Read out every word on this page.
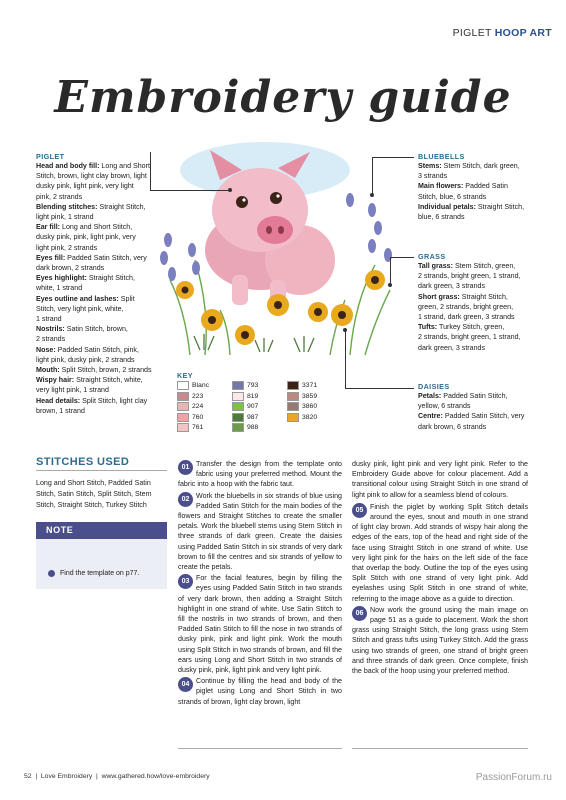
PIGLET HOOP ART
Embroidery guide
PIGLET
Head and body fill: Long and Short
Stitch, brown, light clay brown, light
dusky pink, light pink, very light
pink, 2 strands
Blending stitches: Straight Stitch,
light pink, 1 strand
Ear fill: Long and Short Stitch,
dusky pink, pink, light pink, very
light pink, 2 strands
Eyes fill: Padded Satin Stitch, very
dark brown, 2 strands
Eyes highlight: Straight Stitch,
white, 1 strand
Eyes outline and lashes: Split
Stitch, very light pink, white,
1 strand
Nostrils: Satin Stitch, brown,
2 strands
Nose: Padded Satin Stitch, pink,
light pink, dusky pink, 2 strands
Mouth: Split Stitch, brown, 2 strands
Wispy hair: Straight Stitch, white,
very light pink, 1 strand
Head details: Split Stitch, light clay
brown, 1 strand
BLUEBELLS
Stems: Stem Stitch, dark green,
3 strands
Main flowers: Padded Satin
Stitch, blue, 6 strands
Individual petals: Straight Stitch,
blue, 6 strands
GRASS
Tall grass: Stem Stitch, green,
2 strands, bright green, 1 strand,
dark green, 3 strands
Short grass: Straight Stitch,
green, 2 strands, bright green,
1 strand, dark green, 3 strands
Tufts: Turkey Stitch, green,
2 strands, bright green, 1 strand,
dark green, 3 strands
DAISIES
Petals: Padded Satin Stitch,
yellow, 6 strands
Centre: Padded Satin Stitch, very
dark brown, 6 strands
KEY
Blanc
223
224
760
761
793
819
907
987
988
3371
3859
3860
3820
STITCHES USED
Long and Short Stitch, Padded Satin Stitch, Satin Stitch, Split Stitch, Stem Stitch, Straight Stitch, Turkey Stitch
NOTE
Find the template on p77.
01 Transfer the design from the template onto fabric using your preferred method. Mount the fabric into a hoop with the fabric taut.
02 Work the bluebells in six strands of blue using Padded Satin Stitch for the main bodies of the flowers and Straight Stitches to create the smaller petals. Work the bluebell stems using Stem Stitch in three strands of dark green. Create the daisies using Padded Satin Stitch in six strands of very dark brown to fill the centres and six strands of yellow to create the petals.
03 For the facial features, begin by filling the eyes using Padded Satin Stitch in two strands of very dark brown, then adding a Straight Stitch highlight in one strand of white. Use Satin Stitch to fill the nostrils in two strands of brown, and then Padded Satin Stitch to fill the nose in two strands of dusky pink, pink and light pink. Work the mouth using Split Stitch in two strands of brown, and fill the ears using Long and Short Stitch in two strands of dusky pink, pink, light pink and very light pink.
04 Continue by filling the head and body of the piglet using Long and Short Stitch in two strands of brown, light clay brown, light
dusky pink, light pink and very light pink. Refer to the Embroidery Guide above for colour placement. Add a transitional colour using Straight Stitch in one strand of light pink to allow for a seamless blend of colours.
05 Finish the piglet by working Split Stitch details around the eyes, snout and mouth in one strand of light clay brown. Add strands of wispy hair along the edges of the ears, top of the head and right side of the face using Straight Stitch in one strand of white. Use very light pink for the hairs on the left side of the face that overlap the body. Outline the top of the eyes using Split Stitch with one strand of very light pink. Add eyelashes using Split Stitch in one strand of white, referring to the image above as a guide to direction.
06 Now work the ground using the main image on page 51 as a guide to placement. Work the short grass using Straight Stitch, the long grass using Stem Stitch and grass tufts using Turkey Stitch. Add the grass using two strands of green, one strand of bright green and three strands of dark green. Once complete, finish the back of the hoop using your preferred method.
52  |  Love Embroidery  |  www.gathered.how/love-embroidery	PassionForum.ru
